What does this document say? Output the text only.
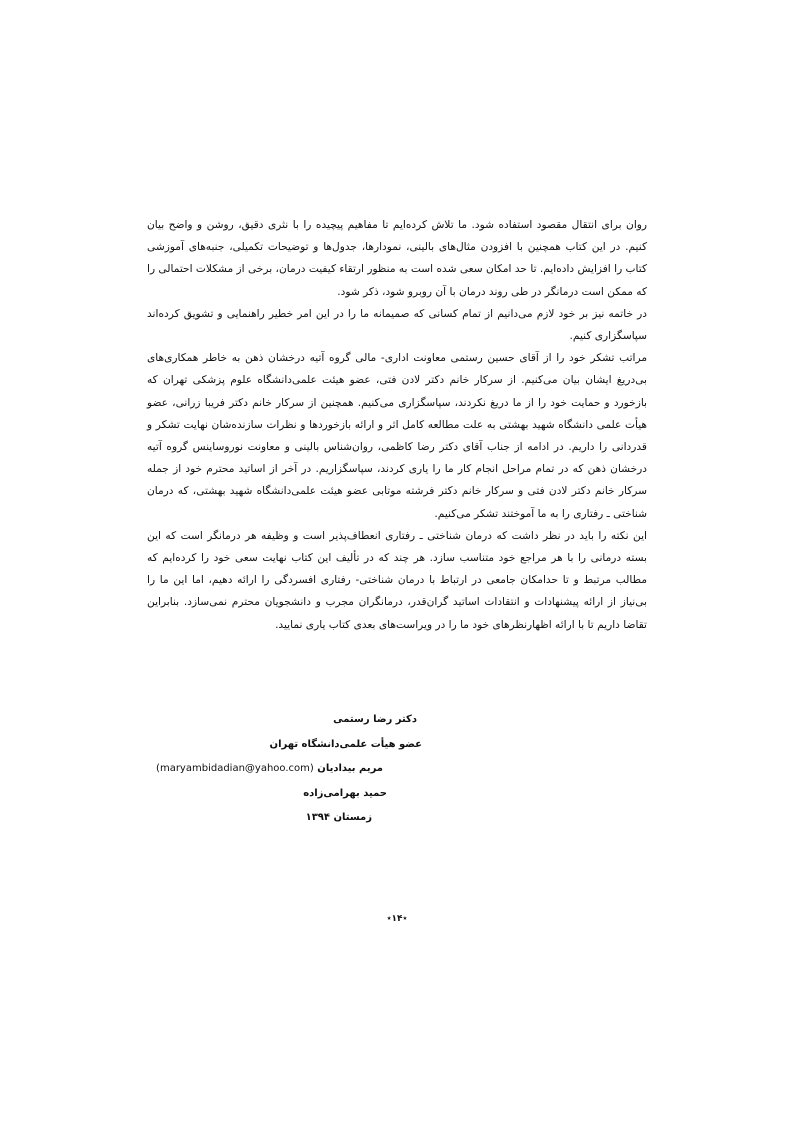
روان برای انتقال مقصود استفاده شود. ما تلاش کرده‌ایم تا مفاهیم پیچیده را با نثری دقیق، روشن و واضح بیان کنیم. در این کتاب همچنین با افزودن مثال‌های بالینی، نمودارها، جدول‌ها و توضیحات تکمیلی، جنبه‌های آموزشی کتاب را افزایش داده‌ایم. تا حد امکان سعی شده است به منظور ارتقاء کیفیت درمان، برخی از مشکلات احتمالی را که ممکن است درمانگر در طی روند درمان با آن روبرو شود، ذکر شود.

در خاتمه نیز بر خود لازم می‌دانیم از تمام کسانی که صمیمانه ما را در این امر خطیر راهنمایی و تشویق کرده‌اند سپاسگزاری کنیم.

مراتب تشکر خود را از آقای حسین رستمی معاونت اداری- مالی گروه آتیه درخشان ذهن به خاطر همکاری‌های بی‌دریغ ایشان بیان می‌کنیم. از سرکار خانم دکتر لادن فتی، عضو هیئت علمی‌دانشگاه علوم پزشکی تهران که بازخورد و حمایت خود را از ما دریغ نکردند، سپاسگزاری می‌کنیم. همچنین از سرکار خانم دکتر فریبا زرانی، عضو هیأت علمی دانشگاه شهید بهشتی به علت مطالعه کامل اثر و ارائه بازخوردها و نظرات سازنده‌شان نهایت تشکر و قدردانی را داریم. در ادامه از جناب آقای دکتر رضا کاظمی، روان‌شناس بالینی و معاونت نوروساینس گروه آتیه درخشان ذهن که در تمام مراحل انجام کار ما را یاری کردند، سپاسگزاریم. در آخر از اساتید محترم خود از جمله سرکار خانم دکتر لادن فتی و سرکار خانم دکتر فرشته موتابی عضو هیئت علمی‌دانشگاه شهید بهشتی، که درمان شناختی ـ رفتاری را به ما آموختند تشکر می‌کنیم.

این نکته را باید در نظر داشت که درمان شناختی ـ رفتاری انعطاف‌پذیر است و وظیفه هر درمانگر است که این بسته درمانی را با هر مراجع خود متناسب سازد. هر چند که در تألیف این کتاب نهایت سعی خود را کرده‌ایم که مطالب مرتبط و تا حدامکان جامعی در ارتباط با درمان شناختی- رفتاری افسردگی را ارائه دهیم، اما این ما را بی‌نیاز از ارائه پیشنهادات و انتقادات اساتید گران‌قدر، درمانگران مجرب و دانشجویان محترم نمی‌سازد. بنابراین تقاضا داریم تا با ارائه اظهارنظرهای خود ما را در ویراست‌های بعدی کتاب یاری نمایید.

دکتر رضا رستمی
عضو هیأت علمی‌دانشگاه تهران
مریم بیدادیان (maryambidadian@yahoo.com)
حمید بهرامی‌زاده
زمستان ۱۳۹۴
٭۱۴٭
